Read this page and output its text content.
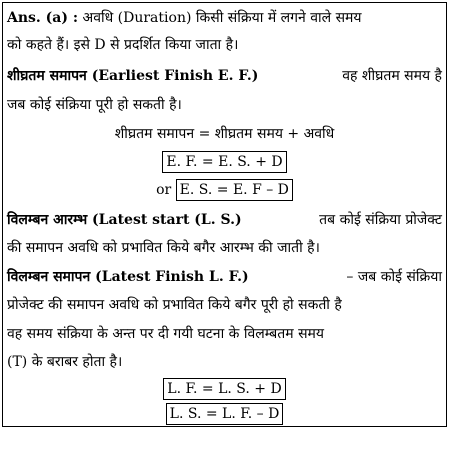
Ans. (a) : अवधि (Duration) किसी संक्रिया में लगने वाले समय
को कहते हैं। इसे D से प्रदर्शित किया जाता है।
शीघ्रतम समापन (Earliest Finish E. F.)	वह शीघ्रतम समय है
जब कोई संक्रिया पूरी हो सकती है।
शीघ्रतम समापन = शीघ्रतम समय + अवधि
E. F. = E. S. + D
or E. S. = E. F – D
विलम्बन आरम्भ (Latest start (L. S.)	तब कोई संक्रिया प्रोजेक्ट
की समापन अवधि को प्रभावित किये बगैर आरम्भ की जाती है।
विलम्बन समापन (Latest Finish L. F.)	– जब कोई संक्रिया
प्रोजेक्ट की समापन अवधि को प्रभावित किये बगैर पूरी हो सकती है
वह समय संक्रिया के अन्त पर दी गयी घटना के विलम्बतम समय
(T) के बराबर होता है।
L. F. = L. S. + D
L. S. = L. F. – D
